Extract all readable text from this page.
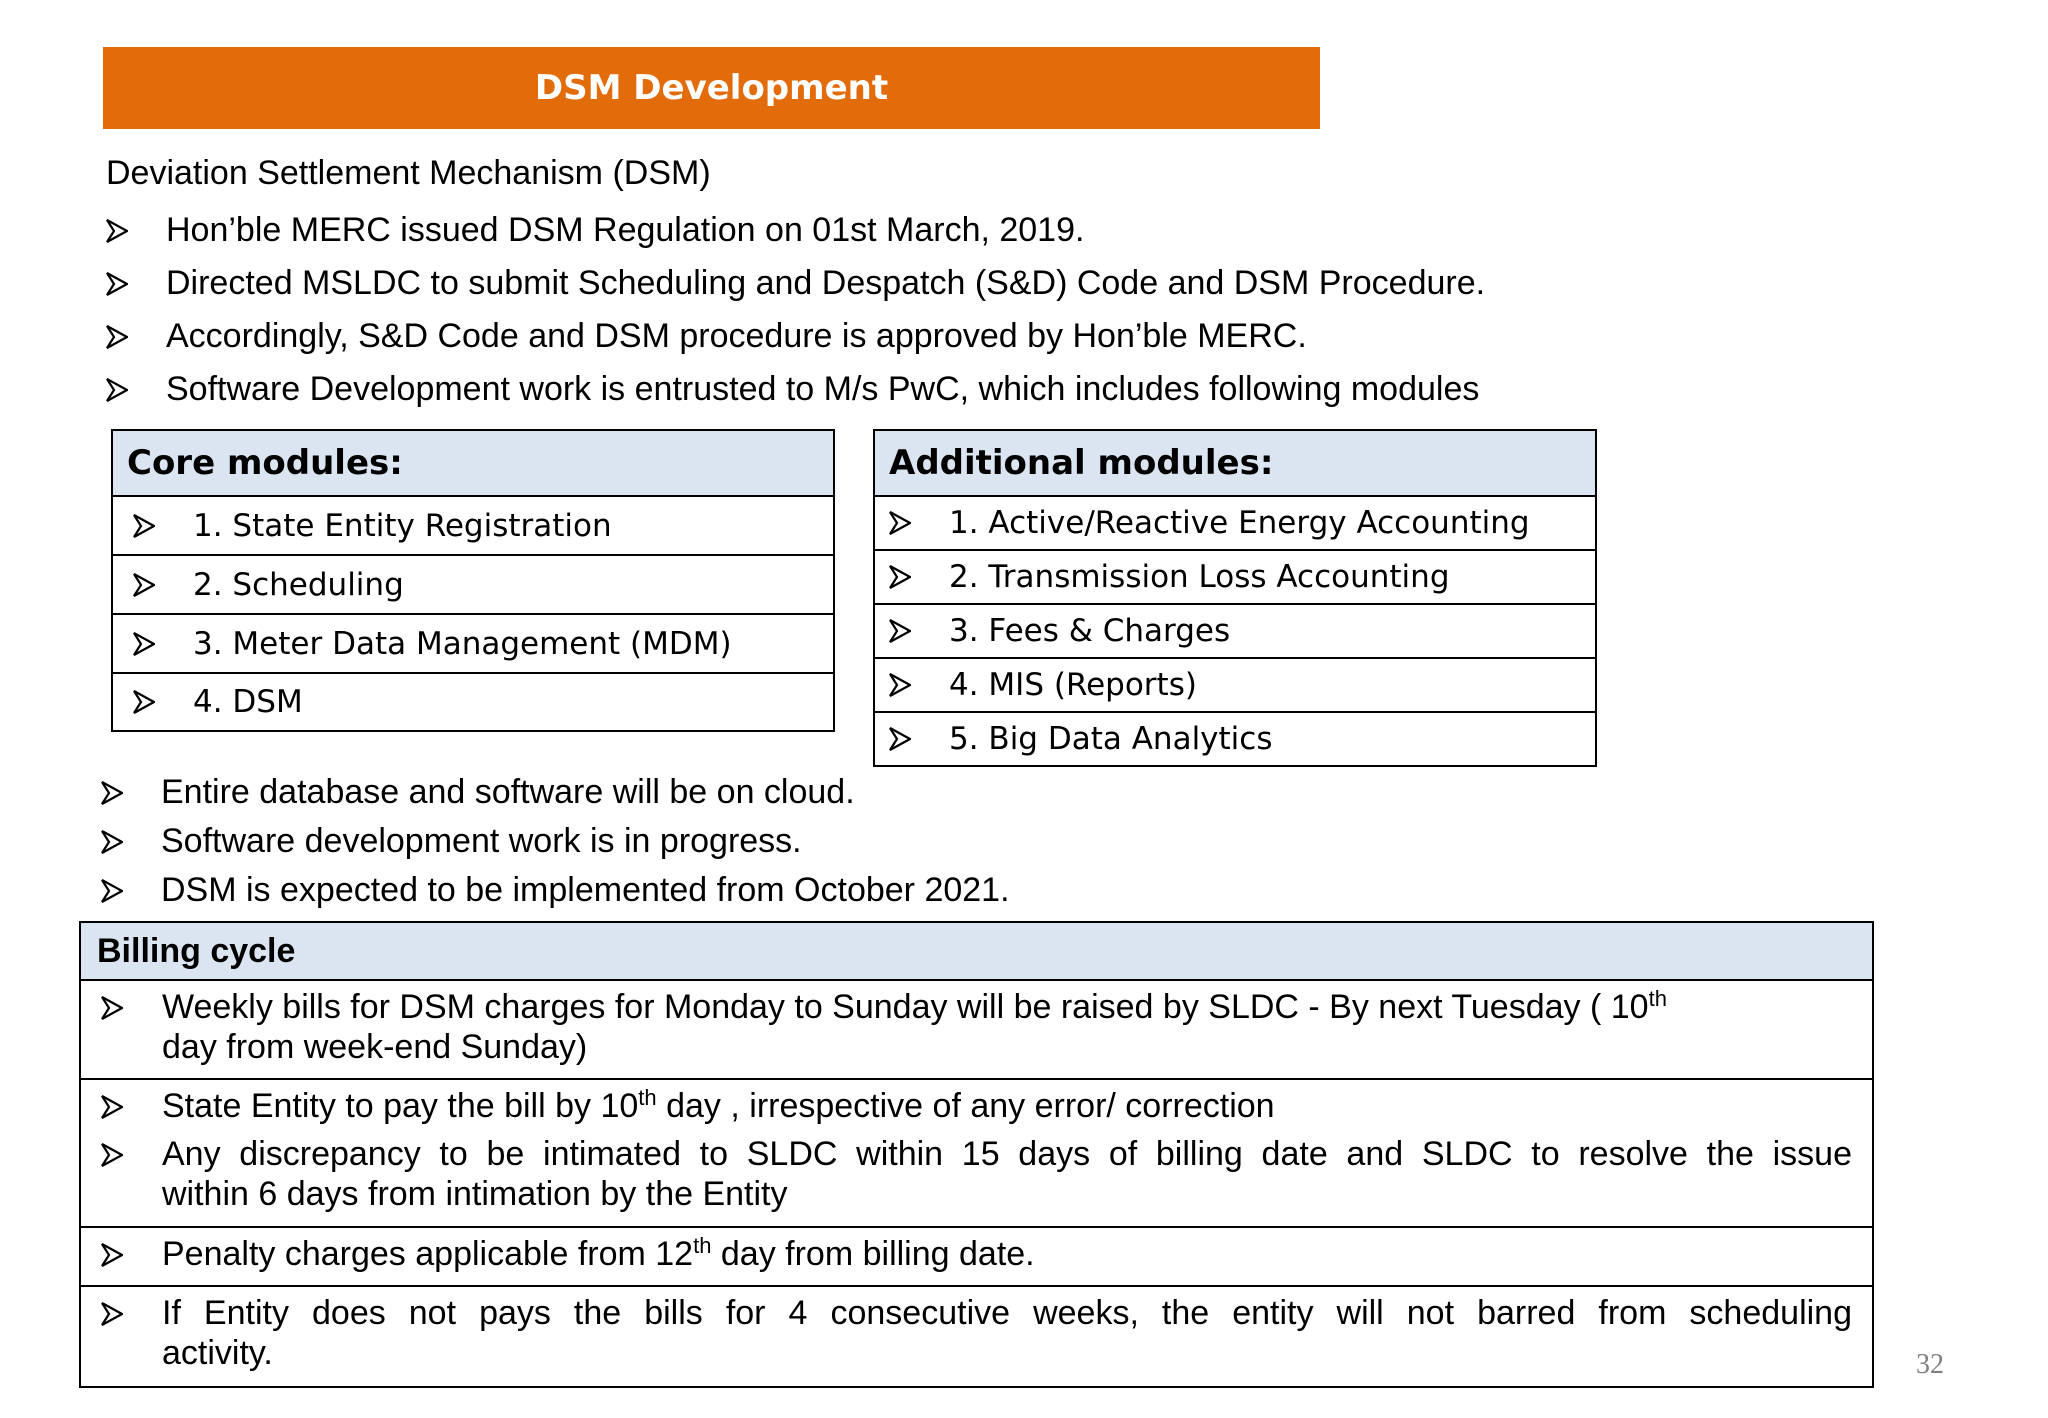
DSM Development
Deviation Settlement Mechanism (DSM)
Hon’ble MERC issued DSM Regulation on 01st March, 2019.
Directed MSLDC to submit Scheduling and Despatch (S&D) Code and DSM Procedure.
Accordingly, S&D Code and DSM procedure is approved by Hon’ble MERC.
Software Development work is entrusted to M/s PwC, which includes following modules
Core modules:
1. State Entity Registration
2. Scheduling
3. Meter Data Management (MDM)
4. DSM
Additional modules:
1. Active/Reactive Energy Accounting
2. Transmission Loss Accounting
3. Fees & Charges
4. MIS (Reports)
5. Big Data Analytics
Entire database and software will be on cloud.
Software development work is in progress.
DSM is expected to be implemented from October 2021.
Billing cycle
Weekly bills for DSM charges for Monday to Sunday will be raised by SLDC - By next Tuesday ( 10th
day from week-end Sunday)
State Entity to pay the bill by 10th day , irrespective of any error/ correction
Any discrepancy to be intimated to SLDC within 15 days of billing date and SLDC to resolve the issue
within 6 days from intimation by the Entity
Penalty charges applicable from 12th day from billing date.
If Entity does not pays the bills for 4 consecutive weeks, the entity will not barred from scheduling
activity.	32
